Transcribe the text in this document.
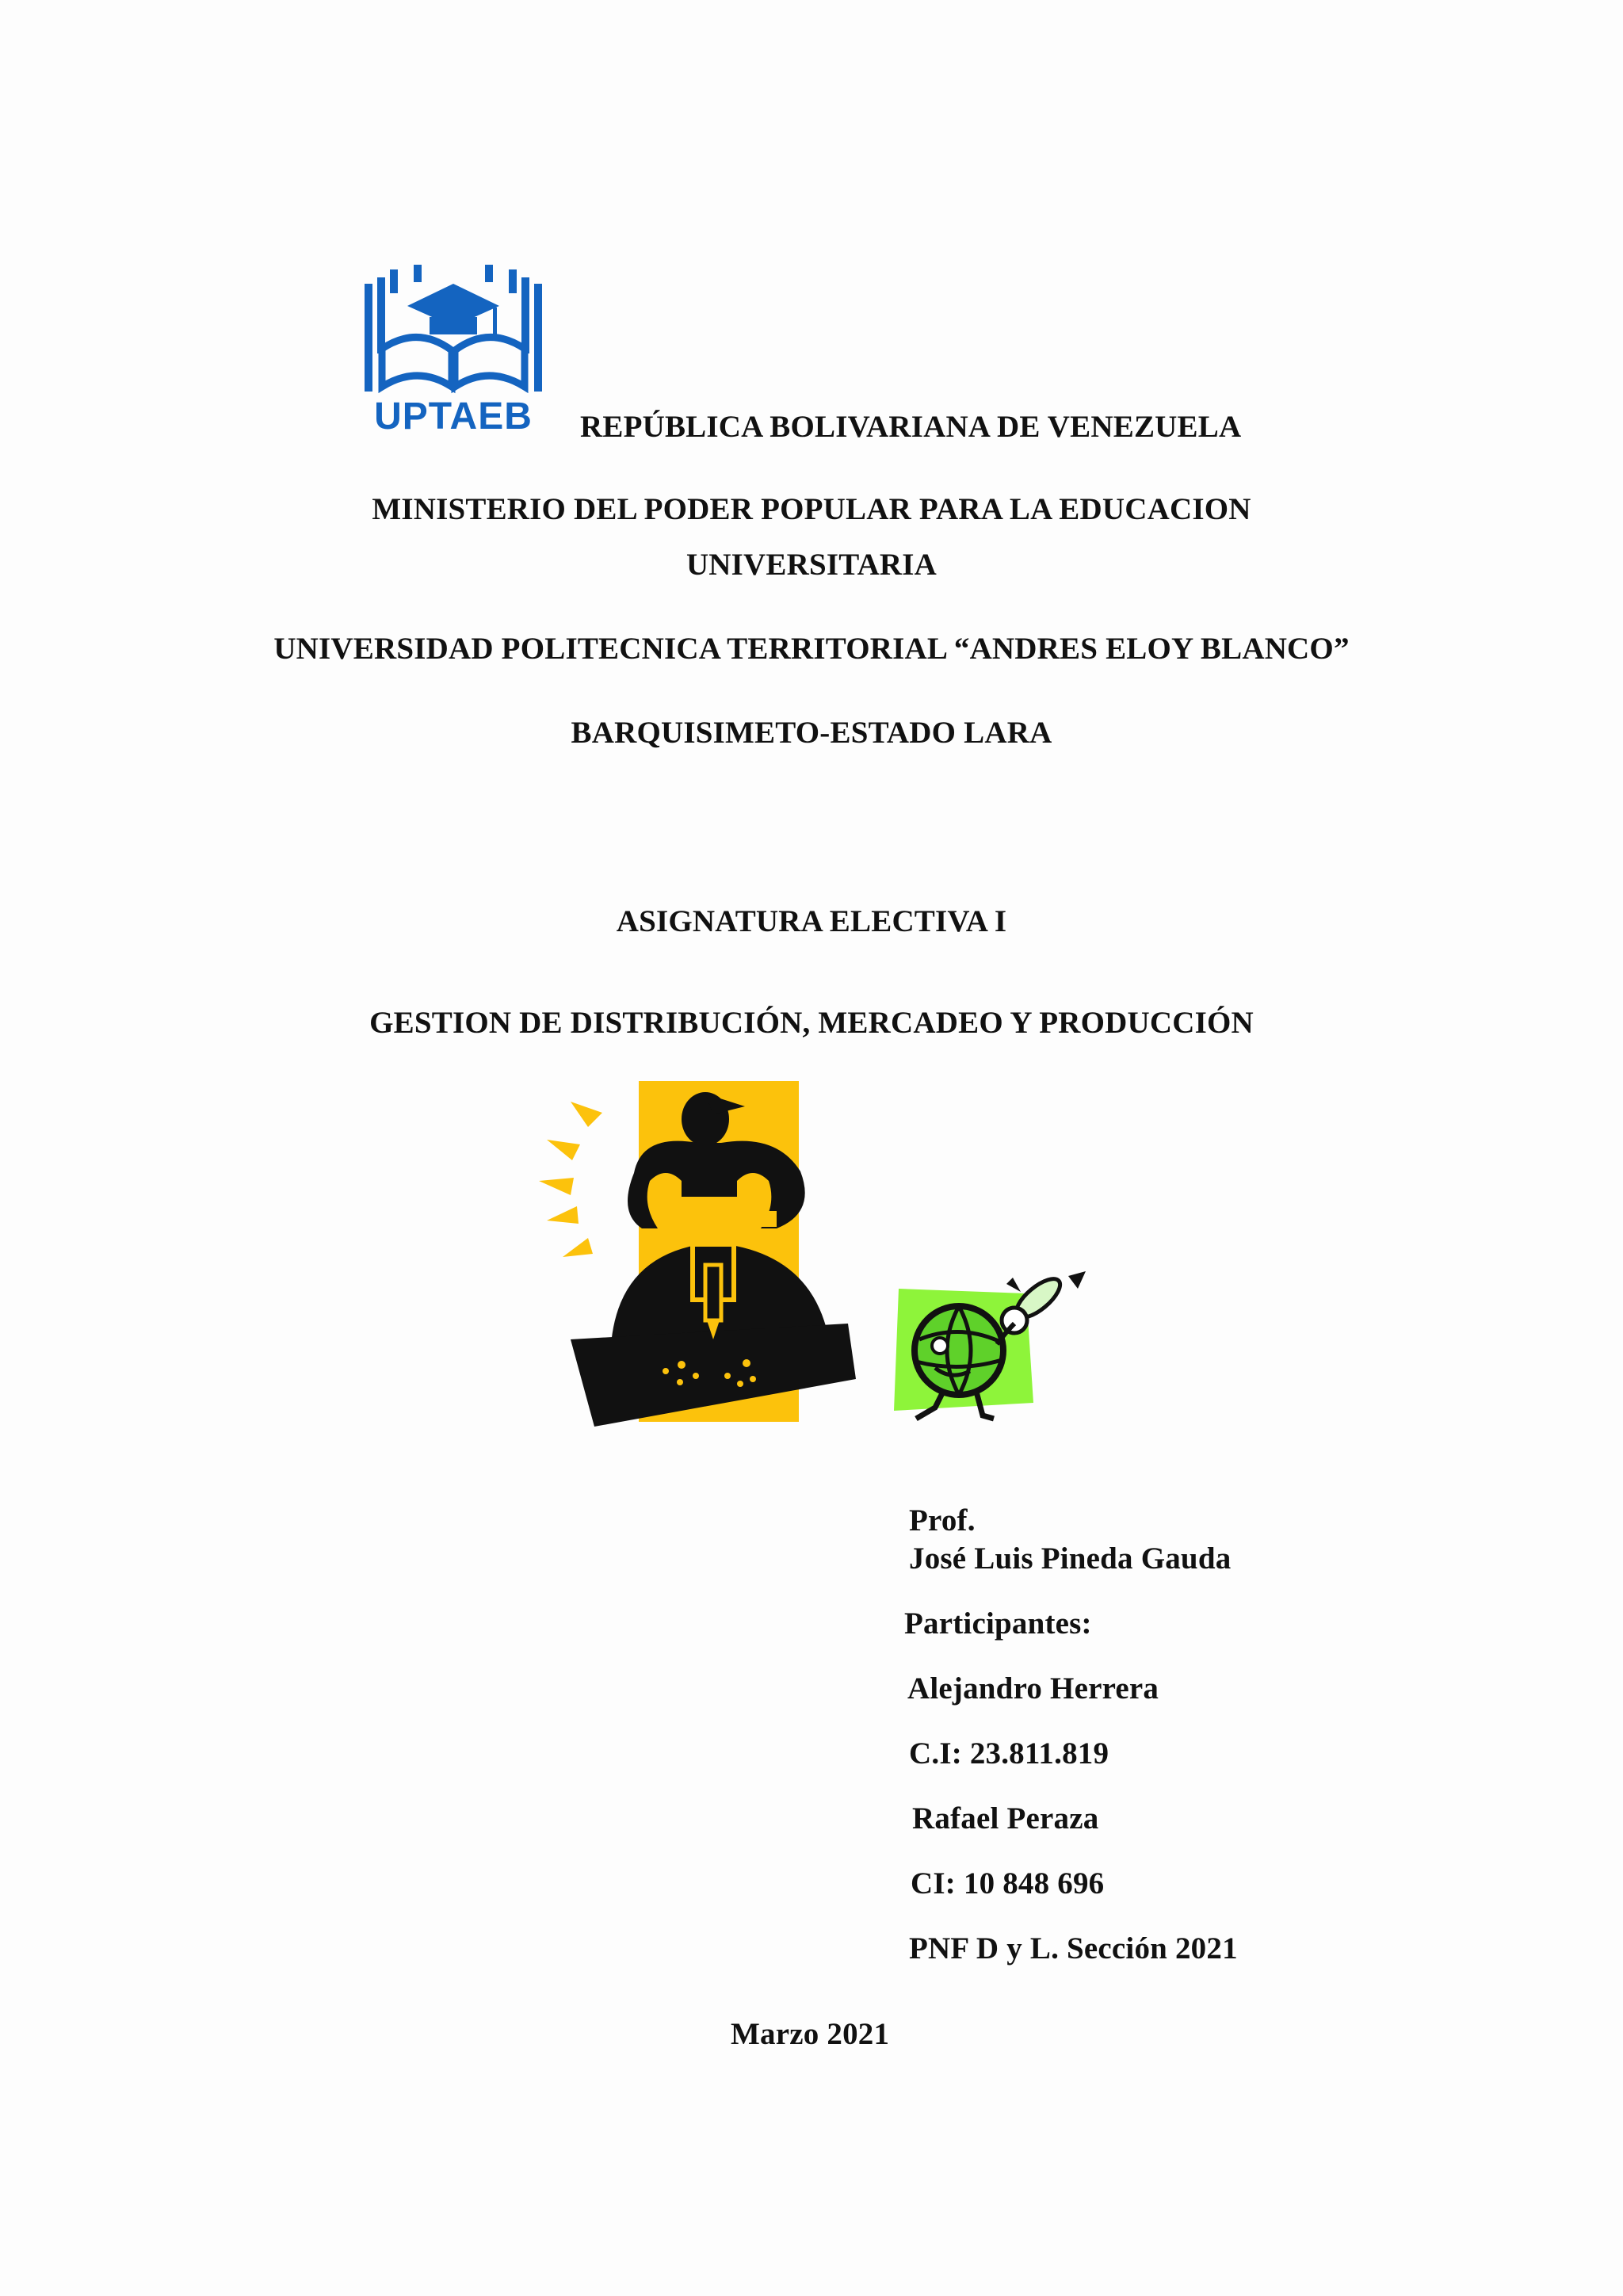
UPTAEB	REPÚBLICA BOLIVARIANA DE VENEZUELA
MINISTERIO DEL PODER POPULAR PARA LA EDUCACION
UNIVERSITARIA
UNIVERSIDAD POLITECNICA TERRITORIAL “ANDRES ELOY BLANCO”
BARQUISIMETO-ESTADO LARA
ASIGNATURA ELECTIVA I
GESTION DE DISTRIBUCIÓN, MERCADEO Y PRODUCCIÓN
Prof.
José Luis Pineda Gauda
Participantes:
Alejandro Herrera
C.I: 23.811.819
Rafael Peraza
CI: 10 848 696
PNF D y L. Sección 2021
Marzo 2021
